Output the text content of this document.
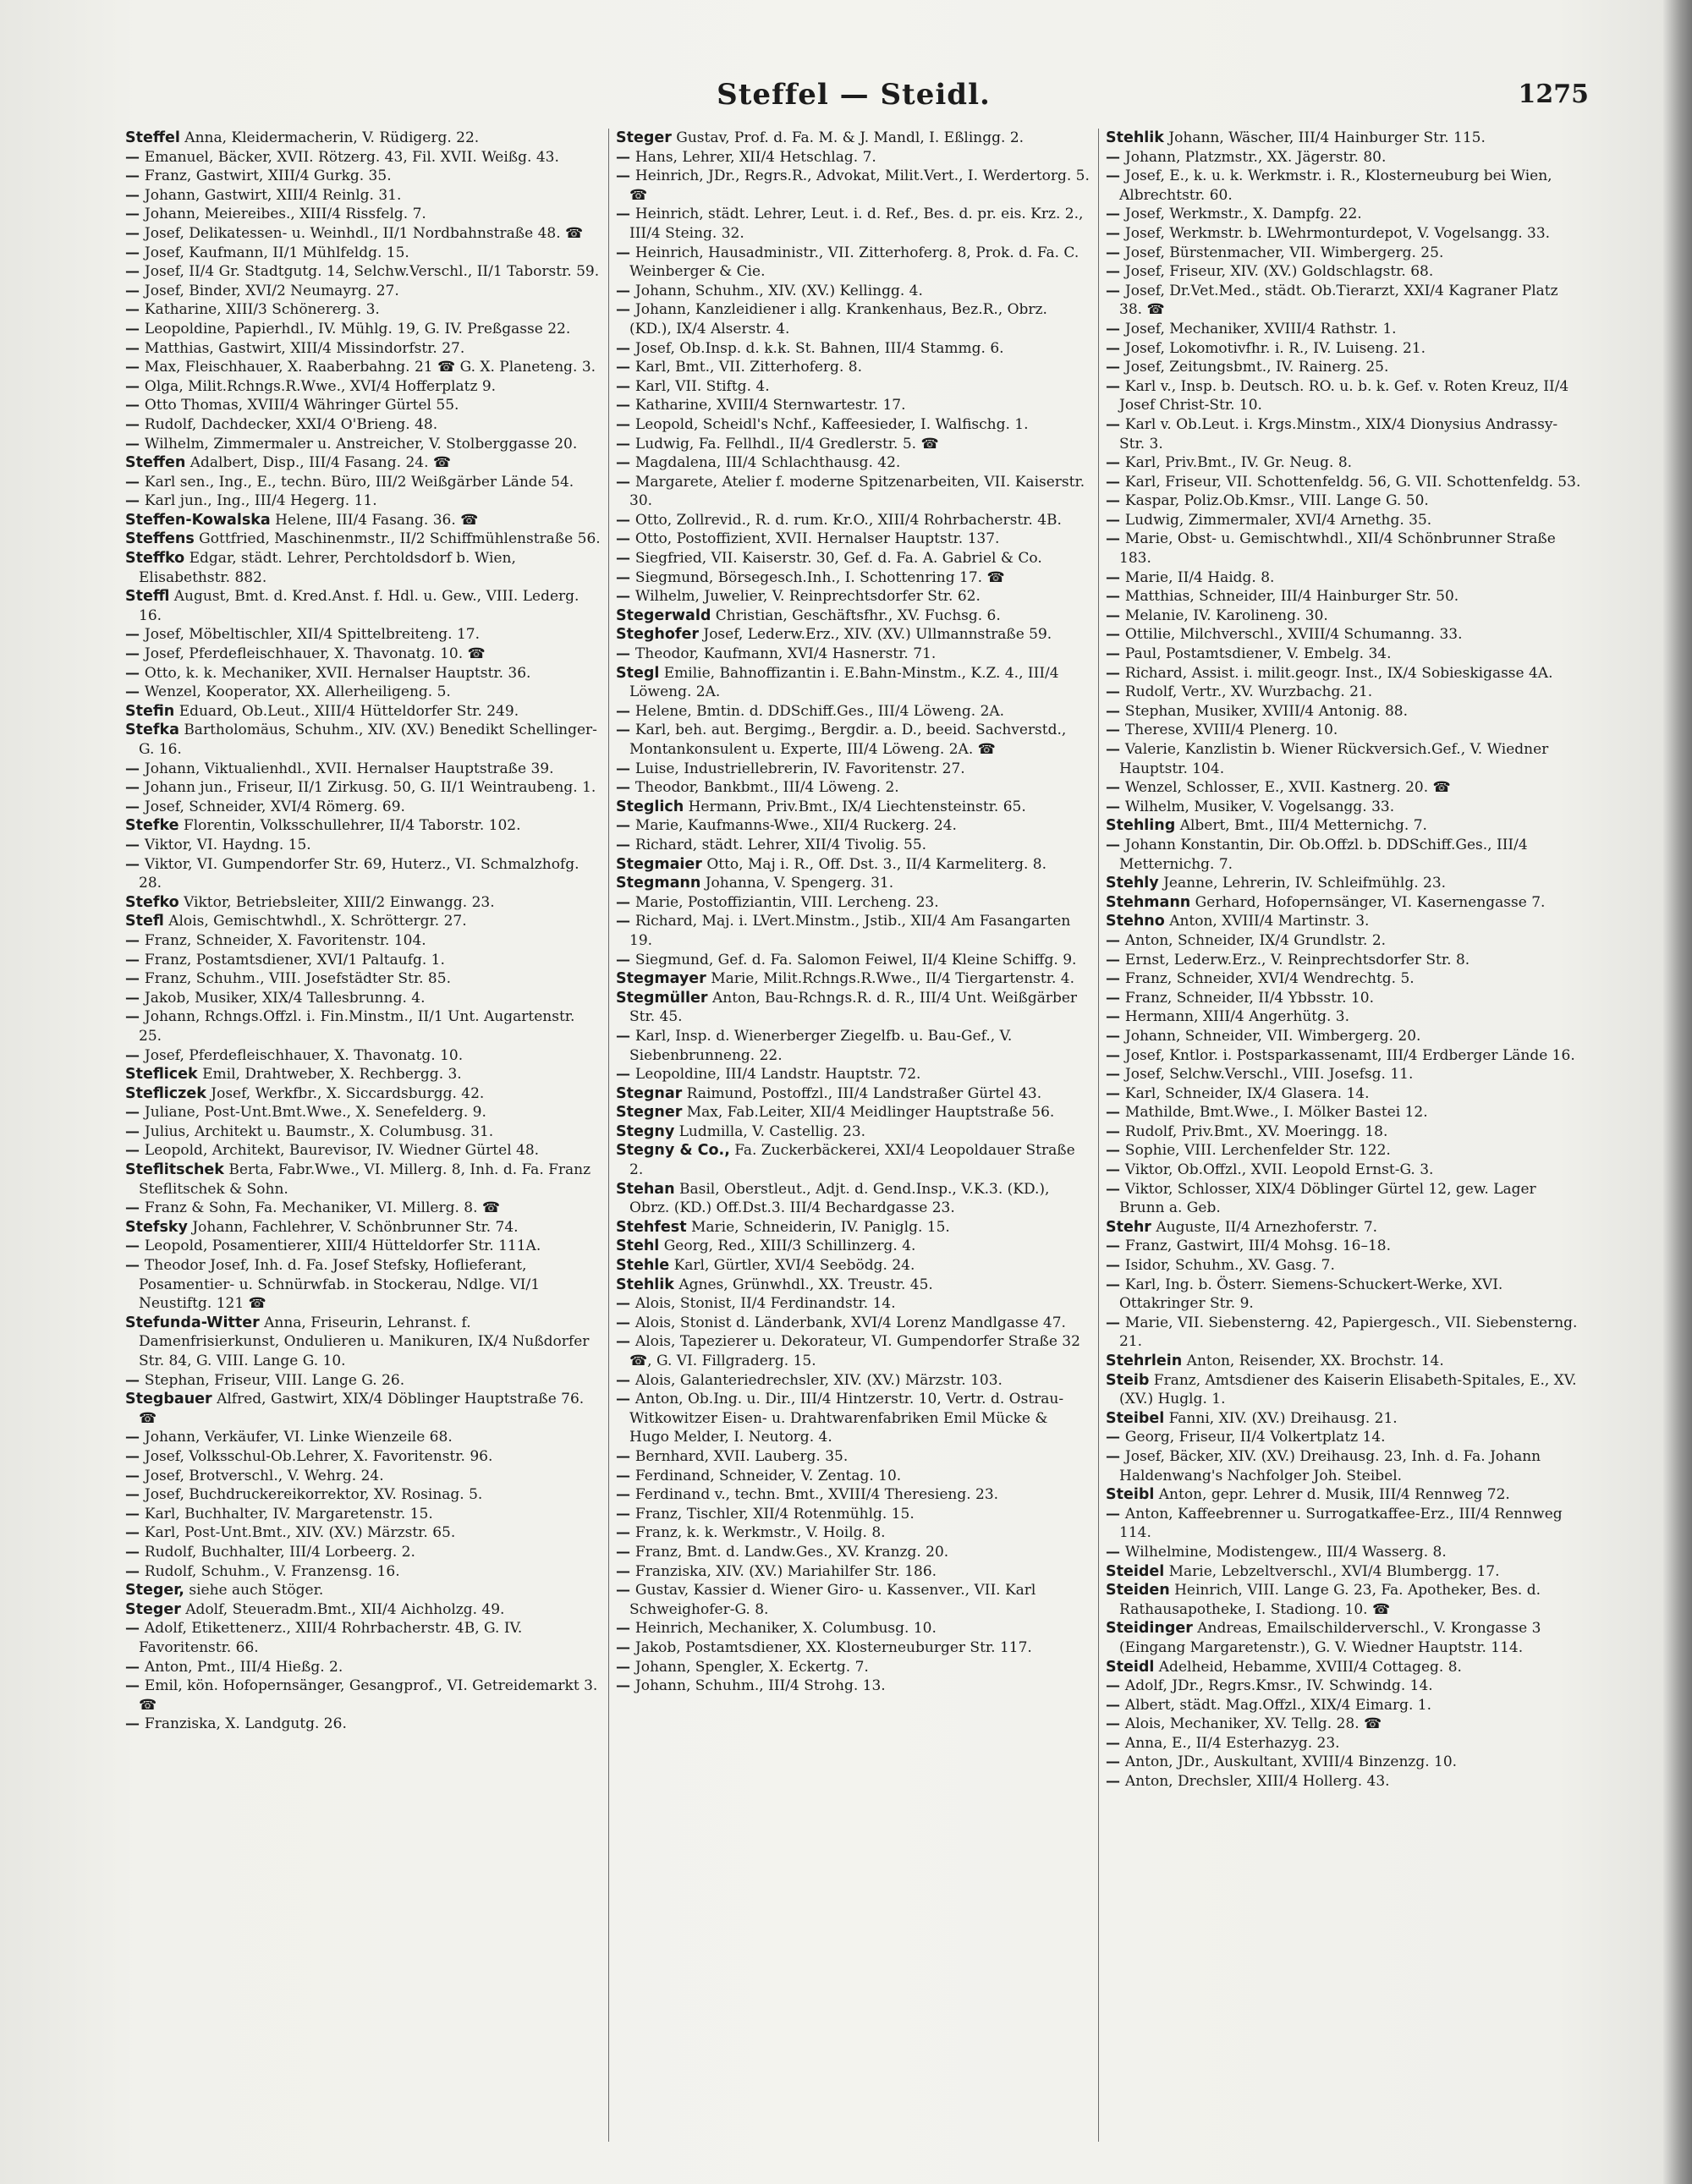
Steffel — Steidl.	1275
Steffel Anna, Kleidermacherin, V. Rüdigerg. 22.
— Emanuel, Bäcker, XVII. Rötzerg. 43, Fil. XVII. Weißg. 43.
— Franz, Gastwirt, XIII/4 Gurkg. 35.
— Johann, Gastwirt, XIII/4 Reinlg. 31.
— Johann, Meiereibes., XIII/4 Rissfelg. 7.
— Josef, Delikatessen- u. Weinhdl., II/1 Nordbahnstraße 48. ☎
— Josef, Kaufmann, II/1 Mühlfeldg. 15.
— Josef, II/4 Gr. Stadtgutg. 14, Selchw.Verschl., II/1 Taborstr. 59.
— Josef, Binder, XVI/2 Neumayrg. 27.
— Katharine, XIII/3 Schönererg. 3.
— Leopoldine, Papierhdl., IV. Mühlg. 19, G. IV. Preßgasse 22.
— Matthias, Gastwirt, XIII/4 Missindorfstr. 27.
— Max, Fleischhauer, X. Raaberbahng. 21 ☎ G. X. Planeteng. 3.
— Olga, Milit.Rchngs.R.Wwe., XVI/4 Hofferplatz 9.
— Otto Thomas, XVIII/4 Währinger Gürtel 55.
— Rudolf, Dachdecker, XXI/4 O'Brieng. 48.
— Wilhelm, Zimmermaler u. Anstreicher, V. Stolberggasse 20.
Steffen Adalbert, Disp., III/4 Fasang. 24. ☎
— Karl sen., Ing., E., techn. Büro, III/2 Weißgärber Lände 54.
— Karl jun., Ing., III/4 Hegerg. 11.
Steffen-Kowalska Helene, III/4 Fasang. 36. ☎
Steffens Gottfried, Maschinenmstr., II/2 Schiffmühlenstraße 56.
Steffko Edgar, städt. Lehrer, Perchtoldsdorf b. Wien, Elisabethstr. 882.
Steffl August, Bmt. d. Kred.Anst. f. Hdl. u. Gew., VIII. Lederg. 16.
— Josef, Möbeltischler, XII/4 Spittelbreiteng. 17.
— Josef, Pferdefleischhauer, X. Thavonatg. 10. ☎
— Otto, k. k. Mechaniker, XVII. Hernalser Hauptstr. 36.
— Wenzel, Kooperator, XX. Allerheiligeng. 5.
Stefin Eduard, Ob.Leut., XIII/4 Hütteldorfer Str. 249.
Stefka Bartholomäus, Schuhm., XIV. (XV.) Benedikt Schellinger-G. 16.
— Johann, Viktualienhdl., XVII. Hernalser Hauptstraße 39.
— Johann jun., Friseur, II/1 Zirkusg. 50, G. II/1 Weintraubeng. 1.
— Josef, Schneider, XVI/4 Römerg. 69.
Stefke Florentin, Volksschullehrer, II/4 Taborstr. 102.
— Viktor, VI. Haydng. 15.
— Viktor, VI. Gumpendorfer Str. 69, Huterz., VI. Schmalzhofg. 28.
Stefko Viktor, Betriebsleiter, XIII/2 Einwangg. 23.
Stefl Alois, Gemischtwhdl., X. Schröttergr. 27.
— Franz, Schneider, X. Favoritenstr. 104.
— Franz, Postamtsdiener, XVI/1 Paltaufg. 1.
— Franz, Schuhm., VIII. Josefstädter Str. 85.
— Jakob, Musiker, XIX/4 Tallesbrunng. 4.
— Johann, Rchngs.Offzl. i. Fin.Minstm., II/1 Unt. Augartenstr. 25.
— Josef, Pferdefleischhauer, X. Thavonatg. 10.
Steflicek Emil, Drahtweber, X. Rechbergg. 3.
Stefliczek Josef, Werkfbr., X. Siccardsburgg. 42.
— Juliane, Post-Unt.Bmt.Wwe., X. Senefelderg. 9.
— Julius, Architekt u. Baumstr., X. Columbusg. 31.
— Leopold, Architekt, Baurevisor, IV. Wiedner Gürtel 48.
Steflitschek Berta, Fabr.Wwe., VI. Millerg. 8, Inh. d. Fa. Franz Steflitschek & Sohn.
— Franz & Sohn, Fa. Mechaniker, VI. Millerg. 8. ☎
Stefsky Johann, Fachlehrer, V. Schönbrunner Str. 74.
— Leopold, Posamentierer, XIII/4 Hütteldorfer Str. 111A.
— Theodor Josef, Inh. d. Fa. Josef Stefsky, Hoflieferant, Posamentier- u. Schnürwfab. in Stockerau, Ndlge. VI/1 Neustiftg. 121 ☎
Stefunda-Witter Anna, Friseurin, Lehranst. f. Damenfrisierkunst, Ondulieren u. Manikuren, IX/4 Nußdorfer Str. 84, G. VIII. Lange G. 10.
— Stephan, Friseur, VIII. Lange G. 26.
Stegbauer Alfred, Gastwirt, XIX/4 Döblinger Hauptstraße 76. ☎
— Johann, Verkäufer, VI. Linke Wienzeile 68.
— Josef, Volksschul-Ob.Lehrer, X. Favoritenstr. 96.
— Josef, Brotverschl., V. Wehrg. 24.
— Josef, Buchdruckereikorrektor, XV. Rosinag. 5.
— Karl, Buchhalter, IV. Margaretenstr. 15.
— Karl, Post-Unt.Bmt., XIV. (XV.) Märzstr. 65.
— Rudolf, Buchhalter, III/4 Lorbeerg. 2.
— Rudolf, Schuhm., V. Franzensg. 16.
Steger, siehe auch Stöger.
Steger Adolf, Steueradm.Bmt., XII/4 Aichholzg. 49.
— Adolf, Etikettenerz., XIII/4 Rohrbacherstr. 4B, G. IV. Favoritenstr. 66.
— Anton, Pmt., III/4 Hießg. 2.
— Emil, kön. Hofopernsänger, Gesangprof., VI. Getreidemarkt 3. ☎
— Franziska, X. Landgutg. 26.
Steger Gustav, Prof. d. Fa. M. & J. Mandl, I. Eßlingg. 2.
— Hans, Lehrer, XII/4 Hetschlag. 7.
— Heinrich, JDr., Regrs.R., Advokat, Milit.Vert., I. Werdertorg. 5. ☎
— Heinrich, städt. Lehrer, Leut. i. d. Ref., Bes. d. pr. eis. Krz. 2., III/4 Steing. 32.
— Heinrich, Hausadministr., VII. Zitterhoferg. 8, Prok. d. Fa. C. Weinberger & Cie.
— Johann, Schuhm., XIV. (XV.) Kellingg. 4.
— Johann, Kanzleidiener i allg. Krankenhaus, Bez.R., Obrz. (KD.), IX/4 Alserstr. 4.
— Josef, Ob.Insp. d. k.k. St. Bahnen, III/4 Stammg. 6.
— Karl, Bmt., VII. Zitterhoferg. 8.
— Karl, VII. Stiftg. 4.
— Katharine, XVIII/4 Sternwartestr. 17.
— Leopold, Scheidl's Nchf., Kaffeesieder, I. Walfischg. 1.
— Ludwig, Fa. Fellhdl., II/4 Gredlerstr. 5. ☎
— Magdalena, III/4 Schlachthausg. 42.
— Margarete, Atelier f. moderne Spitzenarbeiten, VII. Kaiserstr. 30.
— Otto, Zollrevid., R. d. rum. Kr.O., XIII/4 Rohrbacherstr. 4B.
— Otto, Postoffizient, XVII. Hernalser Hauptstr. 137.
— Siegfried, VII. Kaiserstr. 30, Gef. d. Fa. A. Gabriel & Co.
— Siegmund, Börsegesch.Inh., I. Schottenring 17. ☎
— Wilhelm, Juwelier, V. Reinprechtsdorfer Str. 62.
Stegerwald Christian, Geschäftsfhr., XV. Fuchsg. 6.
Steghofer Josef, Lederw.Erz., XIV. (XV.) Ullmannstraße 59.
— Theodor, Kaufmann, XVI/4 Hasnerstr. 71.
Stegl Emilie, Bahnoffizantin i. E.Bahn-Minstm., K.Z. 4., III/4 Löweng. 2A.
— Helene, Bmtin. d. DDSchiff.Ges., III/4 Löweng. 2A.
— Karl, beh. aut. Bergimg., Bergdir. a. D., beeid. Sachverstd., Montankonsulent u. Experte, III/4 Löweng. 2A. ☎
— Luise, Industriellebrerin, IV. Favoritenstr. 27.
— Theodor, Bankbmt., III/4 Löweng. 2.
Steglich Hermann, Priv.Bmt., IX/4 Liechtensteinstr. 65.
— Marie, Kaufmanns-Wwe., XII/4 Ruckerg. 24.
— Richard, städt. Lehrer, XII/4 Tivolig. 55.
Stegmaier Otto, Maj i. R., Off. Dst. 3., II/4 Karmeliterg. 8.
Stegmann Johanna, V. Spengerg. 31.
— Marie, Postoffiziantin, VIII. Lercheng. 23.
— Richard, Maj. i. LVert.Minstm., Jstib., XII/4 Am Fasangarten 19.
— Siegmund, Gef. d. Fa. Salomon Feiwel, II/4 Kleine Schiffg. 9.
Stegmayer Marie, Milit.Rchngs.R.Wwe., II/4 Tiergartenstr. 4.
Stegmüller Anton, Bau-Rchngs.R. d. R., III/4 Unt. Weißgärber Str. 45.
— Karl, Insp. d. Wienerberger Ziegelfb. u. Bau-Gef., V. Siebenbrunneng. 22.
— Leopoldine, III/4 Landstr. Hauptstr. 72.
Stegnar Raimund, Postoffzl., III/4 Landstraßer Gürtel 43.
Stegner Max, Fab.Leiter, XII/4 Meidlinger Hauptstraße 56.
Stegny Ludmilla, V. Castellig. 23.
Stegny & Co., Fa. Zuckerbäckerei, XXI/4 Leopoldauer Straße 2.
Stehan Basil, Oberstleut., Adjt. d. Gend.Insp., V.K.3. (KD.), Obrz. (KD.) Off.Dst.3. III/4 Bechardgasse 23.
Stehfest Marie, Schneiderin, IV. Paniglg. 15.
Stehl Georg, Red., XIII/3 Schillinzerg. 4.
Stehle Karl, Gürtler, XVI/4 Seebödg. 24.
Stehlik Agnes, Grünwhdl., XX. Treustr. 45.
— Alois, Stonist, II/4 Ferdinandstr. 14.
— Alois, Stonist d. Länderbank, XVI/4 Lorenz Mandlgasse 47.
— Alois, Tapezierer u. Dekorateur, VI. Gumpendorfer Straße 32 ☎, G. VI. Fillgraderg. 15.
— Alois, Galanteriedrechsler, XIV. (XV.) Märzstr. 103.
— Anton, Ob.Ing. u. Dir., III/4 Hintzerstr. 10, Vertr. d. Ostrau-Witkowitzer Eisen- u. Drahtwarenfabriken Emil Mücke & Hugo Melder, I. Neutorg. 4.
— Bernhard, XVII. Lauberg. 35.
— Ferdinand, Schneider, V. Zentag. 10.
— Ferdinand v., techn. Bmt., XVIII/4 Theresieng. 23.
— Franz, Tischler, XII/4 Rotenmühlg. 15.
— Franz, k. k. Werkmstr., V. Hoilg. 8.
— Franz, Bmt. d. Landw.Ges., XV. Kranzg. 20.
— Franziska, XIV. (XV.) Mariahilfer Str. 186.
— Gustav, Kassier d. Wiener Giro- u. Kassenver., VII. Karl Schweighofer-G. 8.
— Heinrich, Mechaniker, X. Columbusg. 10.
— Jakob, Postamtsdiener, XX. Klosterneuburger Str. 117.
— Johann, Spengler, X. Eckertg. 7.
— Johann, Schuhm., III/4 Strohg. 13.
Stehlik Johann, Wäscher, III/4 Hainburger Str. 115.
— Johann, Platzmstr., XX. Jägerstr. 80.
— Josef, E., k. u. k. Werkmstr. i. R., Klosterneuburg bei Wien, Albrechtstr. 60.
— Josef, Werkmstr., X. Dampfg. 22.
— Josef, Werkmstr. b. LWehrmonturdepot, V. Vogelsangg. 33.
— Josef, Bürstenmacher, VII. Wimbergerg. 25.
— Josef, Friseur, XIV. (XV.) Goldschlagstr. 68.
— Josef, Dr.Vet.Med., städt. Ob.Tierarzt, XXI/4 Kagraner Platz 38. ☎
— Josef, Mechaniker, XVIII/4 Rathstr. 1.
— Josef, Lokomotivfhr. i. R., IV. Luiseng. 21.
— Josef, Zeitungsbmt., IV. Rainerg. 25.
— Karl v., Insp. b. Deutsch. RO. u. b. k. Gef. v. Roten Kreuz, II/4 Josef Christ-Str. 10.
— Karl v. Ob.Leut. i. Krgs.Minstm., XIX/4 Dionysius Andrassy-Str. 3.
— Karl, Priv.Bmt., IV. Gr. Neug. 8.
— Karl, Friseur, VII. Schottenfeldg. 56, G. VII. Schottenfeldg. 53.
— Kaspar, Poliz.Ob.Kmsr., VIII. Lange G. 50.
— Ludwig, Zimmermaler, XVI/4 Arnethg. 35.
— Marie, Obst- u. Gemischtwhdl., XII/4 Schönbrunner Straße 183.
— Marie, II/4 Haidg. 8.
— Matthias, Schneider, III/4 Hainburger Str. 50.
— Melanie, IV. Karolineng. 30.
— Ottilie, Milchverschl., XVIII/4 Schumanng. 33.
— Paul, Postamtsdiener, V. Embelg. 34.
— Richard, Assist. i. milit.geogr. Inst., IX/4 Sobieskigasse 4A.
— Rudolf, Vertr., XV. Wurzbachg. 21.
— Stephan, Musiker, XVIII/4 Antonig. 88.
— Therese, XVIII/4 Plenerg. 10.
— Valerie, Kanzlistin b. Wiener Rückversich.Gef., V. Wiedner Hauptstr. 104.
— Wenzel, Schlosser, E., XVII. Kastnerg. 20. ☎
— Wilhelm, Musiker, V. Vogelsangg. 33.
Stehling Albert, Bmt., III/4 Metternichg. 7.
— Johann Konstantin, Dir. Ob.Offzl. b. DDSchiff.Ges., III/4 Metternichg. 7.
Stehly Jeanne, Lehrerin, IV. Schleifmühlg. 23.
Stehmann Gerhard, Hofopernsänger, VI. Kasernengasse 7.
Stehno Anton, XVIII/4 Martinstr. 3.
— Anton, Schneider, IX/4 Grundlstr. 2.
— Ernst, Lederw.Erz., V. Reinprechtsdorfer Str. 8.
— Franz, Schneider, XVI/4 Wendrechtg. 5.
— Franz, Schneider, II/4 Ybbsstr. 10.
— Hermann, XIII/4 Angerhütg. 3.
— Johann, Schneider, VII. Wimbergerg. 20.
— Josef, Kntlor. i. Postsparkassenamt, III/4 Erdberger Lände 16.
— Josef, Selchw.Verschl., VIII. Josefsg. 11.
— Karl, Schneider, IX/4 Glasera. 14.
— Mathilde, Bmt.Wwe., I. Mölker Bastei 12.
— Rudolf, Priv.Bmt., XV. Moeringg. 18.
— Sophie, VIII. Lerchenfelder Str. 122.
— Viktor, Ob.Offzl., XVII. Leopold Ernst-G. 3.
— Viktor, Schlosser, XIX/4 Döblinger Gürtel 12, gew. Lager Brunn a. Geb.
Stehr Auguste, II/4 Arnezhoferstr. 7.
— Franz, Gastwirt, III/4 Mohsg. 16–18.
— Isidor, Schuhm., XV. Gasg. 7.
— Karl, Ing. b. Österr. Siemens-Schuckert-Werke, XVI. Ottakringer Str. 9.
— Marie, VII. Siebensterng. 42, Papiergesch., VII. Siebensterng. 21.
Stehrlein Anton, Reisender, XX. Brochstr. 14.
Steib Franz, Amtsdiener des Kaiserin Elisabeth-Spitales, E., XV. (XV.) Huglg. 1.
Steibel Fanni, XIV. (XV.) Dreihausg. 21.
— Georg, Friseur, II/4 Volkertplatz 14.
— Josef, Bäcker, XIV. (XV.) Dreihausg. 23, Inh. d. Fa. Johann Haldenwang's Nachfolger Joh. Steibel.
Steibl Anton, gepr. Lehrer d. Musik, III/4 Rennweg 72.
— Anton, Kaffeebrenner u. Surrogatkaffee-Erz., III/4 Rennweg 114.
— Wilhelmine, Modistengew., III/4 Wasserg. 8.
Steidel Marie, Lebzeltverschl., XVI/4 Blumbergg. 17.
Steiden Heinrich, VIII. Lange G. 23, Fa. Apotheker, Bes. d. Rathausapotheke, I. Stadiong. 10. ☎
Steidinger Andreas, Emailschilderverschl., V. Krongasse 3 (Eingang Margaretenstr.), G. V. Wiedner Hauptstr. 114.
Steidl Adelheid, Hebamme, XVIII/4 Cottageg. 8.
— Adolf, JDr., Regrs.Kmsr., IV. Schwindg. 14.
— Albert, städt. Mag.Offzl., XIX/4 Eimarg. 1.
— Alois, Mechaniker, XV. Tellg. 28. ☎
— Anna, E., II/4 Esterhazyg. 23.
— Anton, JDr., Auskultant, XVIII/4 Binzenzg. 10.
— Anton, Drechsler, XIII/4 Hollerg. 43.
